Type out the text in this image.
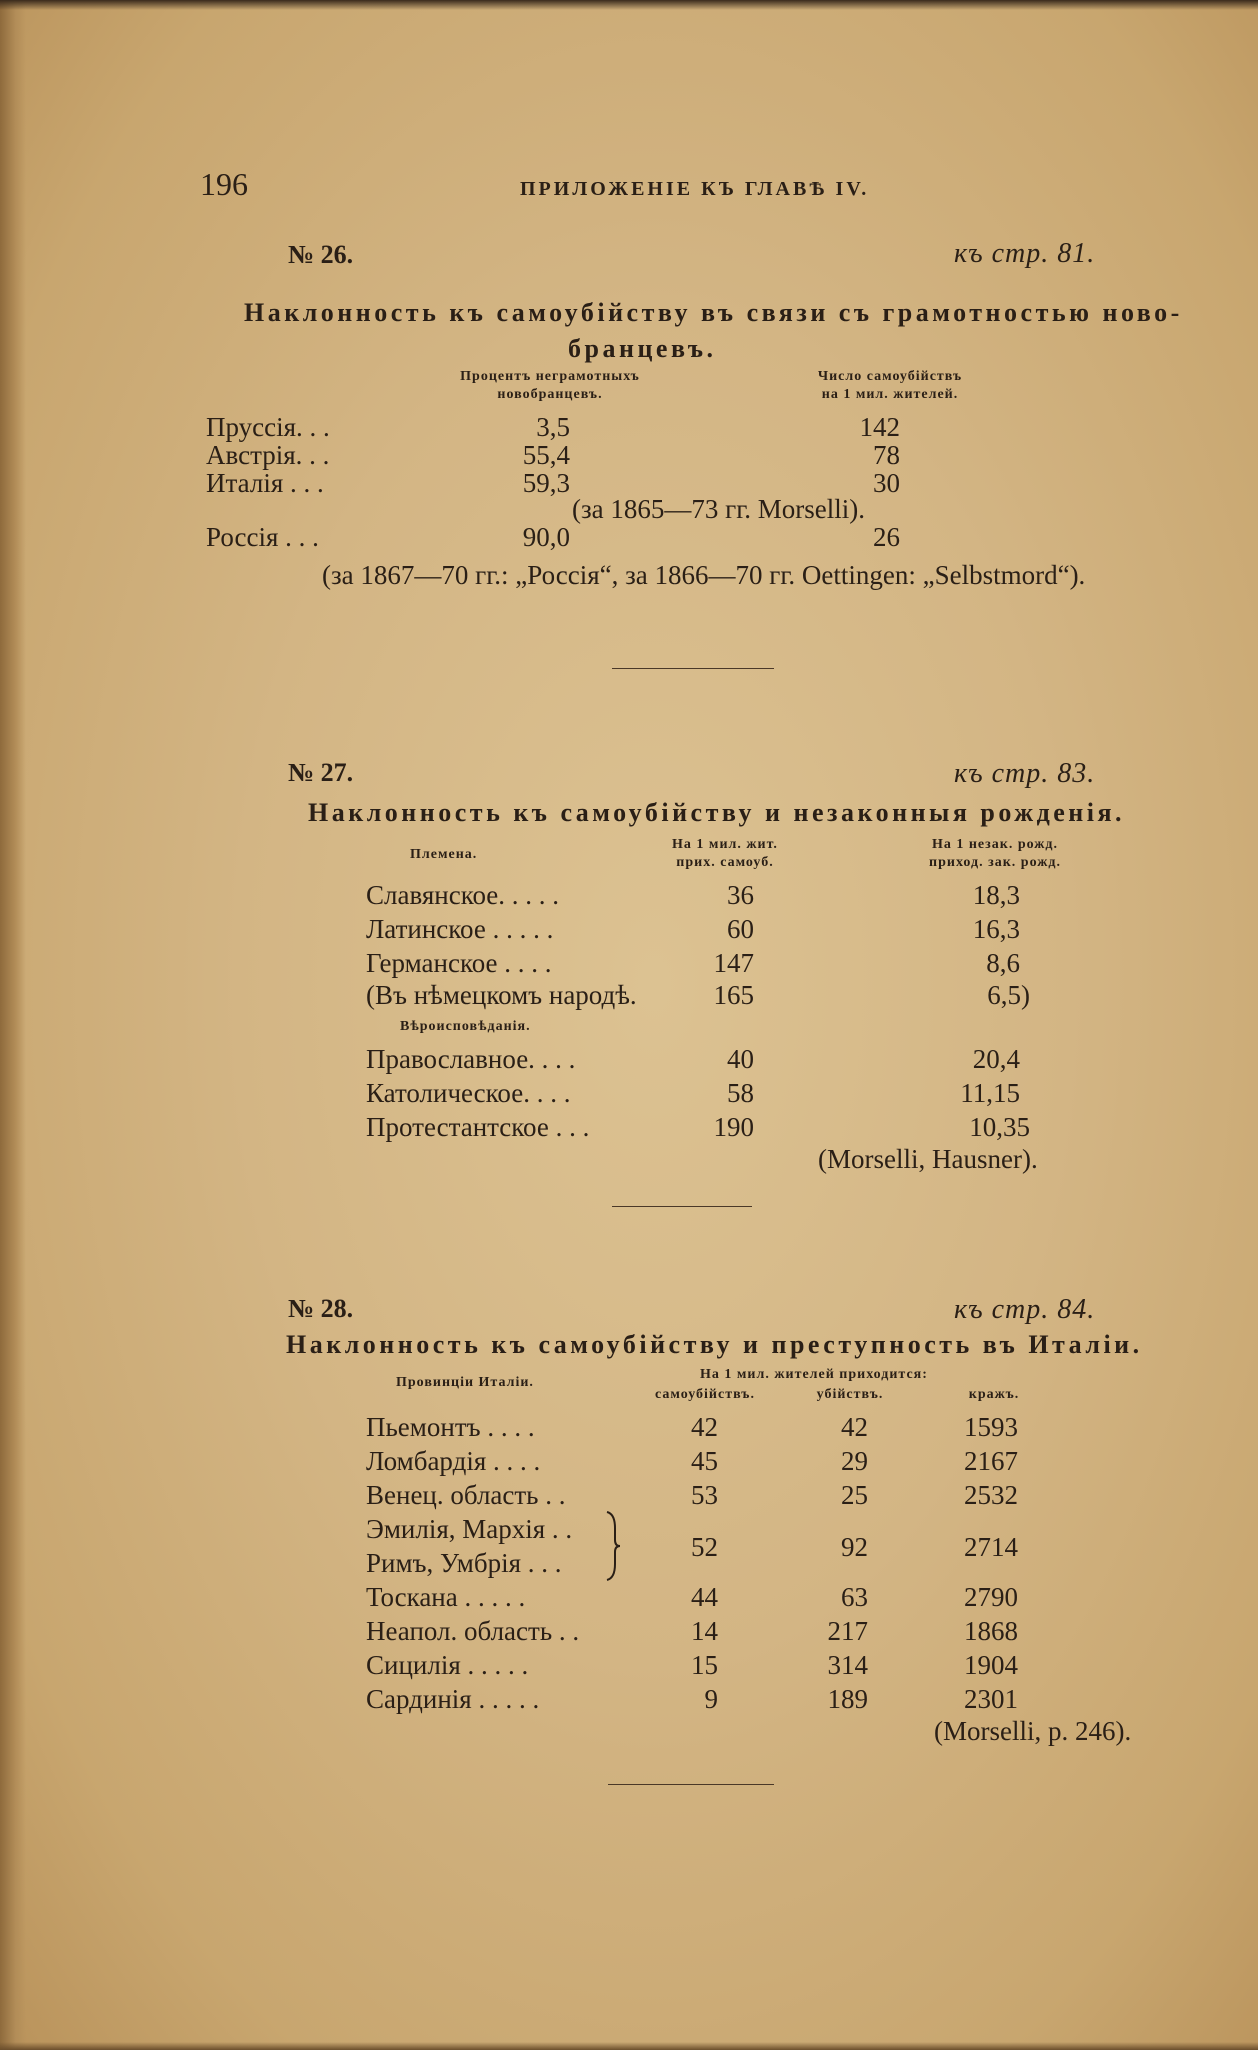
196	ПРИЛОЖЕНІЕ КЪ ГЛАВѢ IV.
№ 26.	къ стр. 81.
Наклонность къ самоубійству въ связи съ грамотностью ново-
бранцевъ.
Процентъ неграмотныхъ
новобранцевъ.
Число самоубійствъ
на 1 мил. жителей.
Пруссія. . .	3,5	142
Австрія. . .	55,4	78
Италія . . .	59,3	30
(за 1865—73 гг. Morselli).
Россія . . .	90,0	26
(за 1867—70 гг.: „Россія“, за 1866—70 гг. Oettingen: „Selbstmord“).
№ 27.	къ стр. 83.
Наклонность къ самоубійству и незаконныя рожденія.
Племена.
На 1 мил. жит.
прих. самоуб.
На 1 незак. рожд.
приход. зак. рожд.
Славянское. . . . .	36	18,3
Латинское . . . . .	60	16,3
Германское . . . .	147	8,6
(Въ нѣмецкомъ народѣ.	165	6,5)
Вѣроисповѣданія.
Православное. . . .	40	20,4
Католическое. . . .	58	11,15
Протестантское . . .	190	10,35
(Morselli, Hausner).
№ 28.	къ стр. 84.
Наклонность къ самоубійству и преступность въ Италіи.
Провинціи Италіи.
На 1 мил. жителей приходится:
самоубійствъ.	убійствъ.	кражъ.
Пьемонтъ . . . .	42	42	1593
Ломбардія . . . .	45	29	2167
Венец. область . .	53	25	2532
Эмилія, Мархія . .
Римъ, Умбрія . . .
52	92	2714
Тоскана . . . . .	44	63	2790
Неапол. область . .	14	217	1868
Сицилія . . . . .	15	314	1904
Сардинія . . . . .	9	189	2301
(Morselli, p. 246).
